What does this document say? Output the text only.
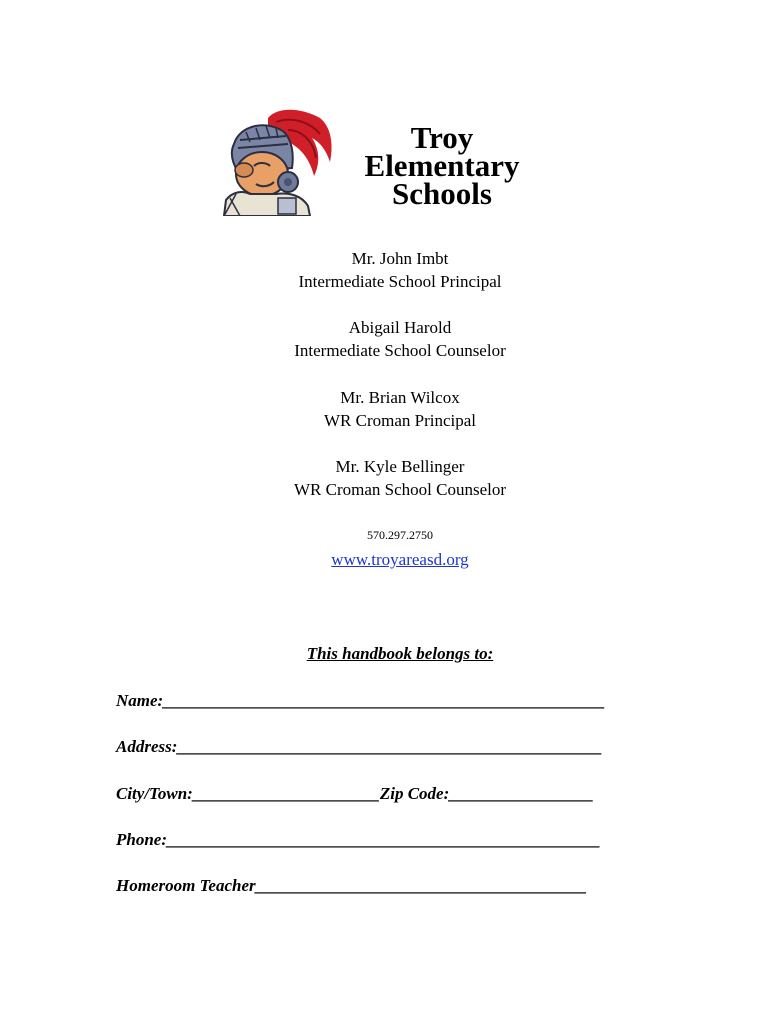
Troy
Elementary
Schools
Mr. John Imbt
Intermediate School Principal
Abigail Harold
Intermediate School Counselor
Mr. Brian Wilcox
WR Croman Principal
Mr. Kyle Bellinger
WR Croman School Counselor
570.297.2750
www.troyareasd.org
This handbook belongs to:
Name:____________________________________________________
Address:__________________________________________________
City/Town:______________________Zip Code:_________________
Phone:___________________________________________________
Homeroom Teacher_______________________________________
